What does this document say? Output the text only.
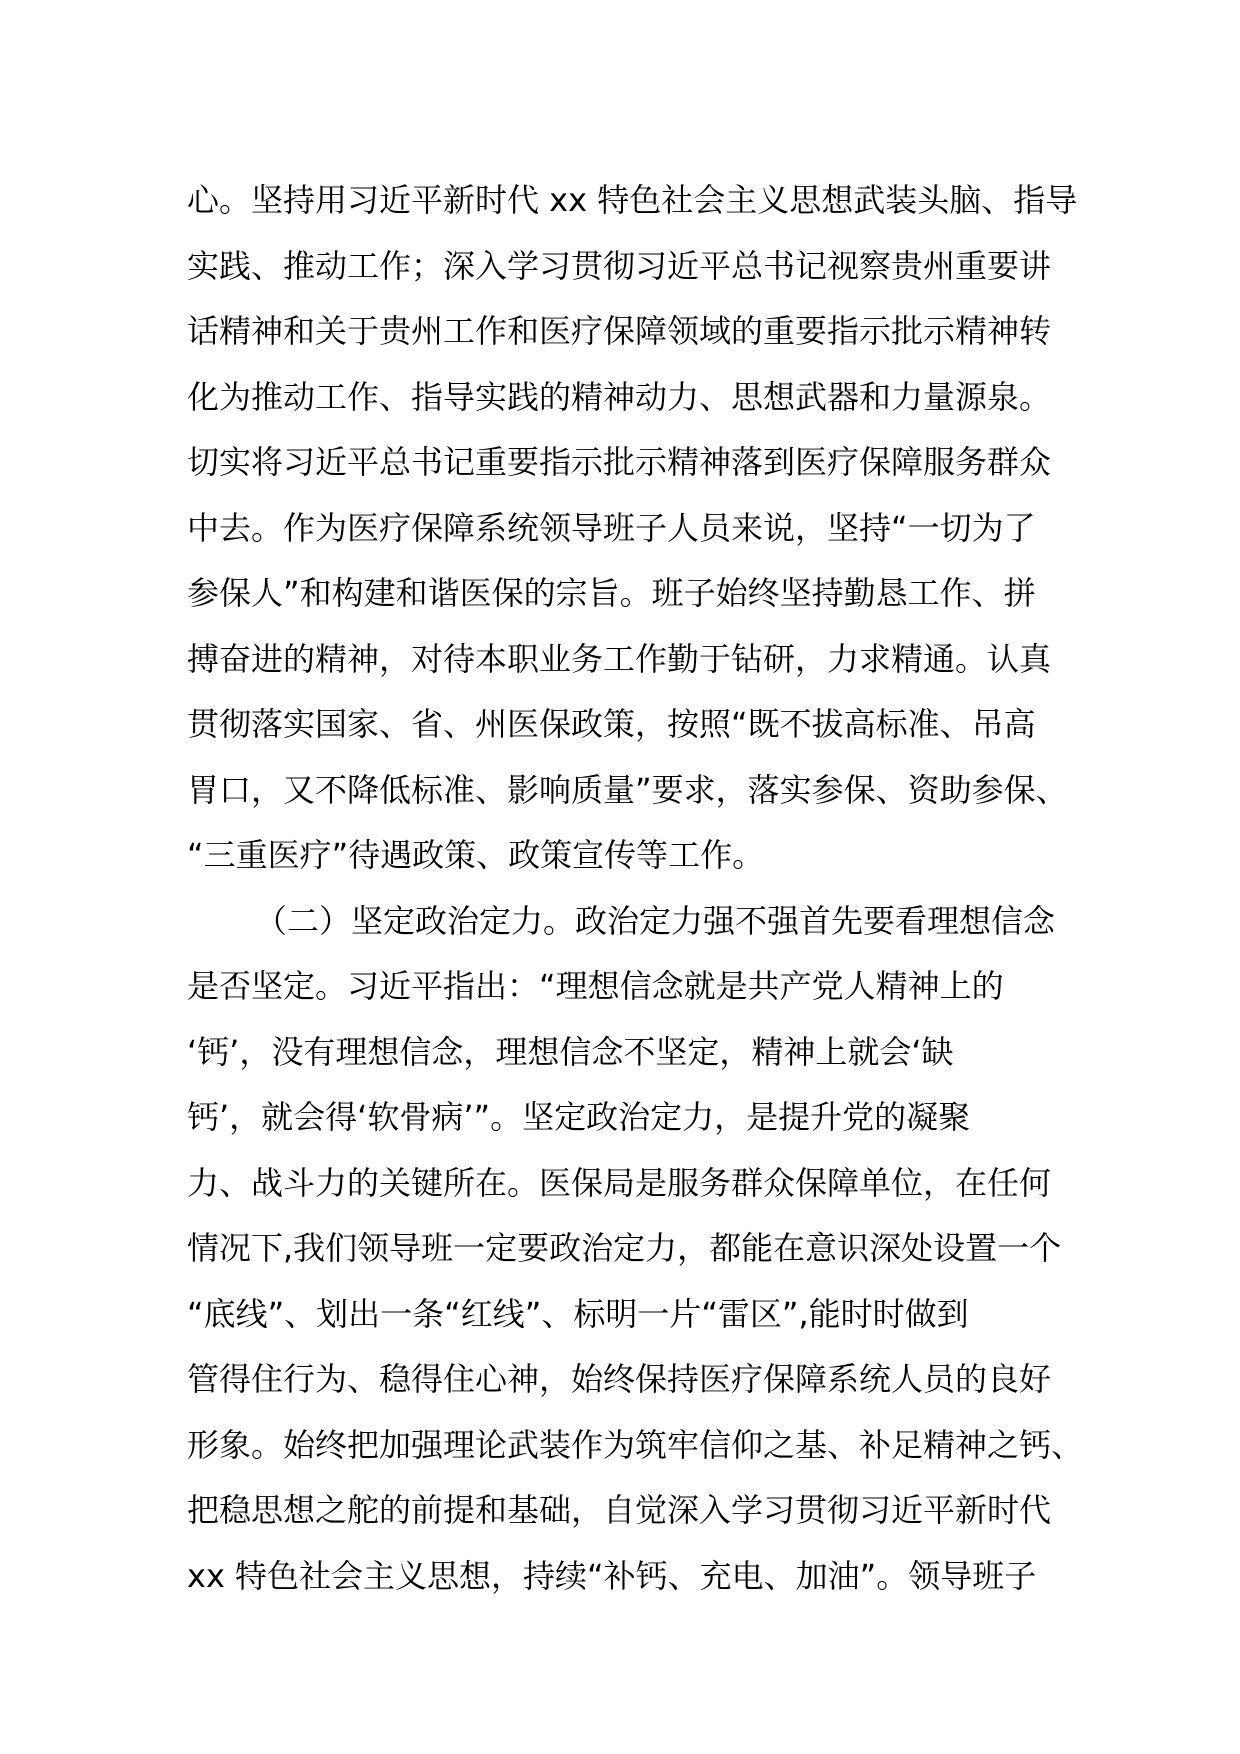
心。坚持用习近平新时代 xx 特色社会主义思想武装头脑、指导
实践、推动工作；深入学习贯彻习近平总书记视察贵州重要讲
话精神和关于贵州工作和医疗保障领域的重要指示批示精神转
化为推动工作、指导实践的精神动力、思想武器和力量源泉。
切实将习近平总书记重要指示批示精神落到医疗保障服务群众
中去。作为医疗保障系统领导班子人员来说，坚持“一切为了
参保人”和构建和谐医保的宗旨。班子始终坚持勤恳工作、拼
搏奋进的精神，对待本职业务工作勤于钻研，力求精通。认真
贯彻落实国家、省、州医保政策，按照“既不拔高标准、吊高
胃口，又不降低标准、影响质量”要求，落实参保、资助参保、
“三重医疗”待遇政策、政策宣传等工作。
（二）坚定政治定力。政治定力强不强首先要看理想信念
是否坚定。习近平指出：“理想信念就是共产党人精神上的
‘钙’，没有理想信念，理想信念不坚定，精神上就会‘缺
钙’，就会得‘软骨病’”。坚定政治定力，是提升党的凝聚
力、战斗力的关键所在。医保局是服务群众保障单位，在任何
情况下,我们领导班一定要政治定力，都能在意识深处设置一个
“底线”、划出一条“红线”、标明一片“雷区”,能时时做到
管得住行为、稳得住心神，始终保持医疗保障系统人员的良好
形象。始终把加强理论武装作为筑牢信仰之基、补足精神之钙、
把稳思想之舵的前提和基础，自觉深入学习贯彻习近平新时代
xx 特色社会主义思想，持续“补钙、充电、加油”。领导班子
